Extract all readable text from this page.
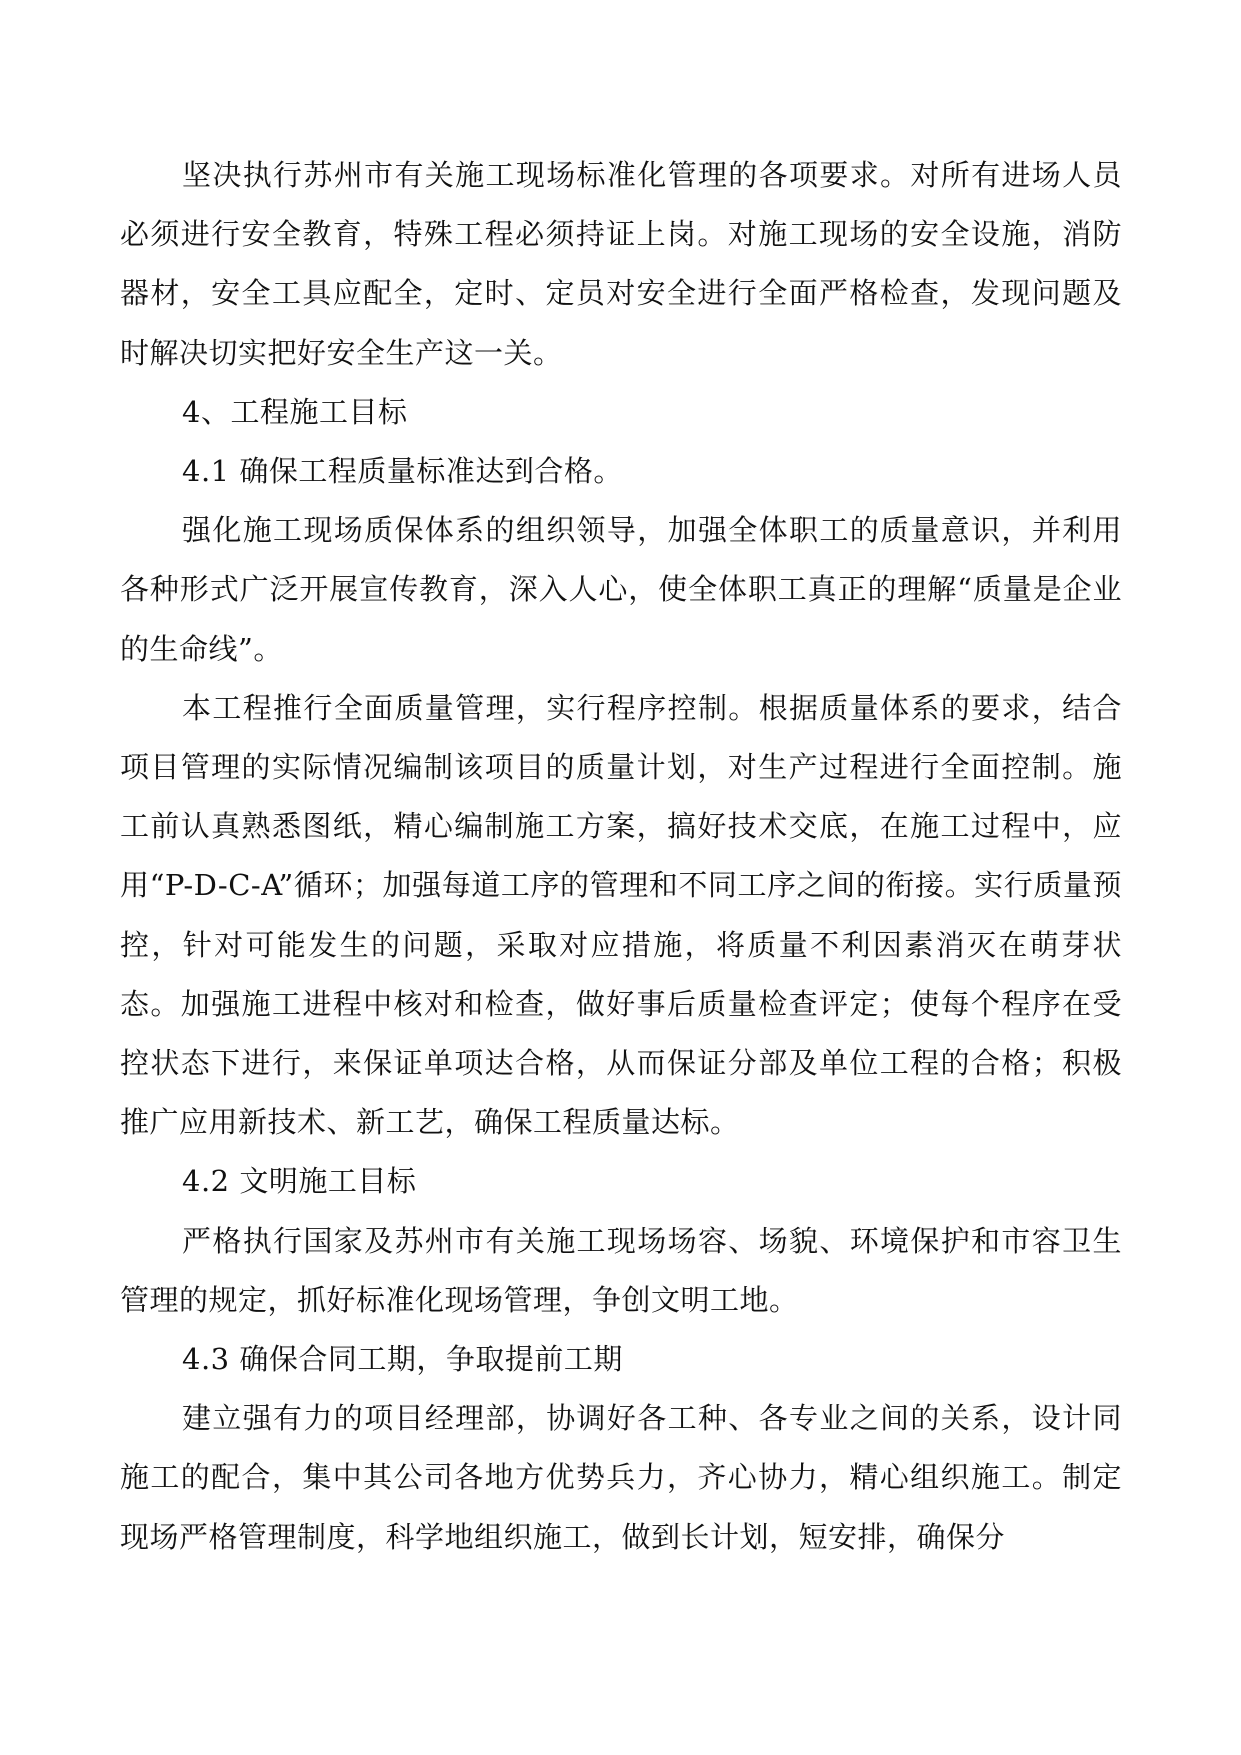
坚决执行苏州市有关施工现场标准化管理的各项要求。对所有进场人员必须进行安全教育，特殊工程必须持证上岗。对施工现场的安全设施，消防器材，安全工具应配全，定时、定员对安全进行全面严格检查，发现问题及时解决切实把好安全生产这一关。

4、工程施工目标

4.1 确保工程质量标准达到合格。

强化施工现场质保体系的组织领导，加强全体职工的质量意识，并利用各种形式广泛开展宣传教育，深入人心，使全体职工真正的理解“质量是企业的生命线”。

本工程推行全面质量管理，实行程序控制。根据质量体系的要求，结合项目管理的实际情况编制该项目的质量计划，对生产过程进行全面控制。施工前认真熟悉图纸，精心编制施工方案，搞好技术交底，在施工过程中，应用“P-D-C-A”循环；加强每道工序的管理和不同工序之间的衔接。实行质量预控，针对可能发生的问题，采取对应措施，将质量不利因素消灭在萌芽状态。加强施工进程中核对和检查，做好事后质量检查评定；使每个程序在受控状态下进行，来保证单项达合格，从而保证分部及单位工程的合格；积极推广应用新技术、新工艺，确保工程质量达标。

4.2 文明施工目标

严格执行国家及苏州市有关施工现场场容、场貌、环境保护和市容卫生管理的规定，抓好标准化现场管理，争创文明工地。

4.3 确保合同工期，争取提前工期

建立强有力的项目经理部，协调好各工种、各专业之间的关系，设计同施工的配合，集中其公司各地方优势兵力，齐心协力，精心组织施工。制定现场严格管理制度，科学地组织施工，做到长计划，短安排，确保分
